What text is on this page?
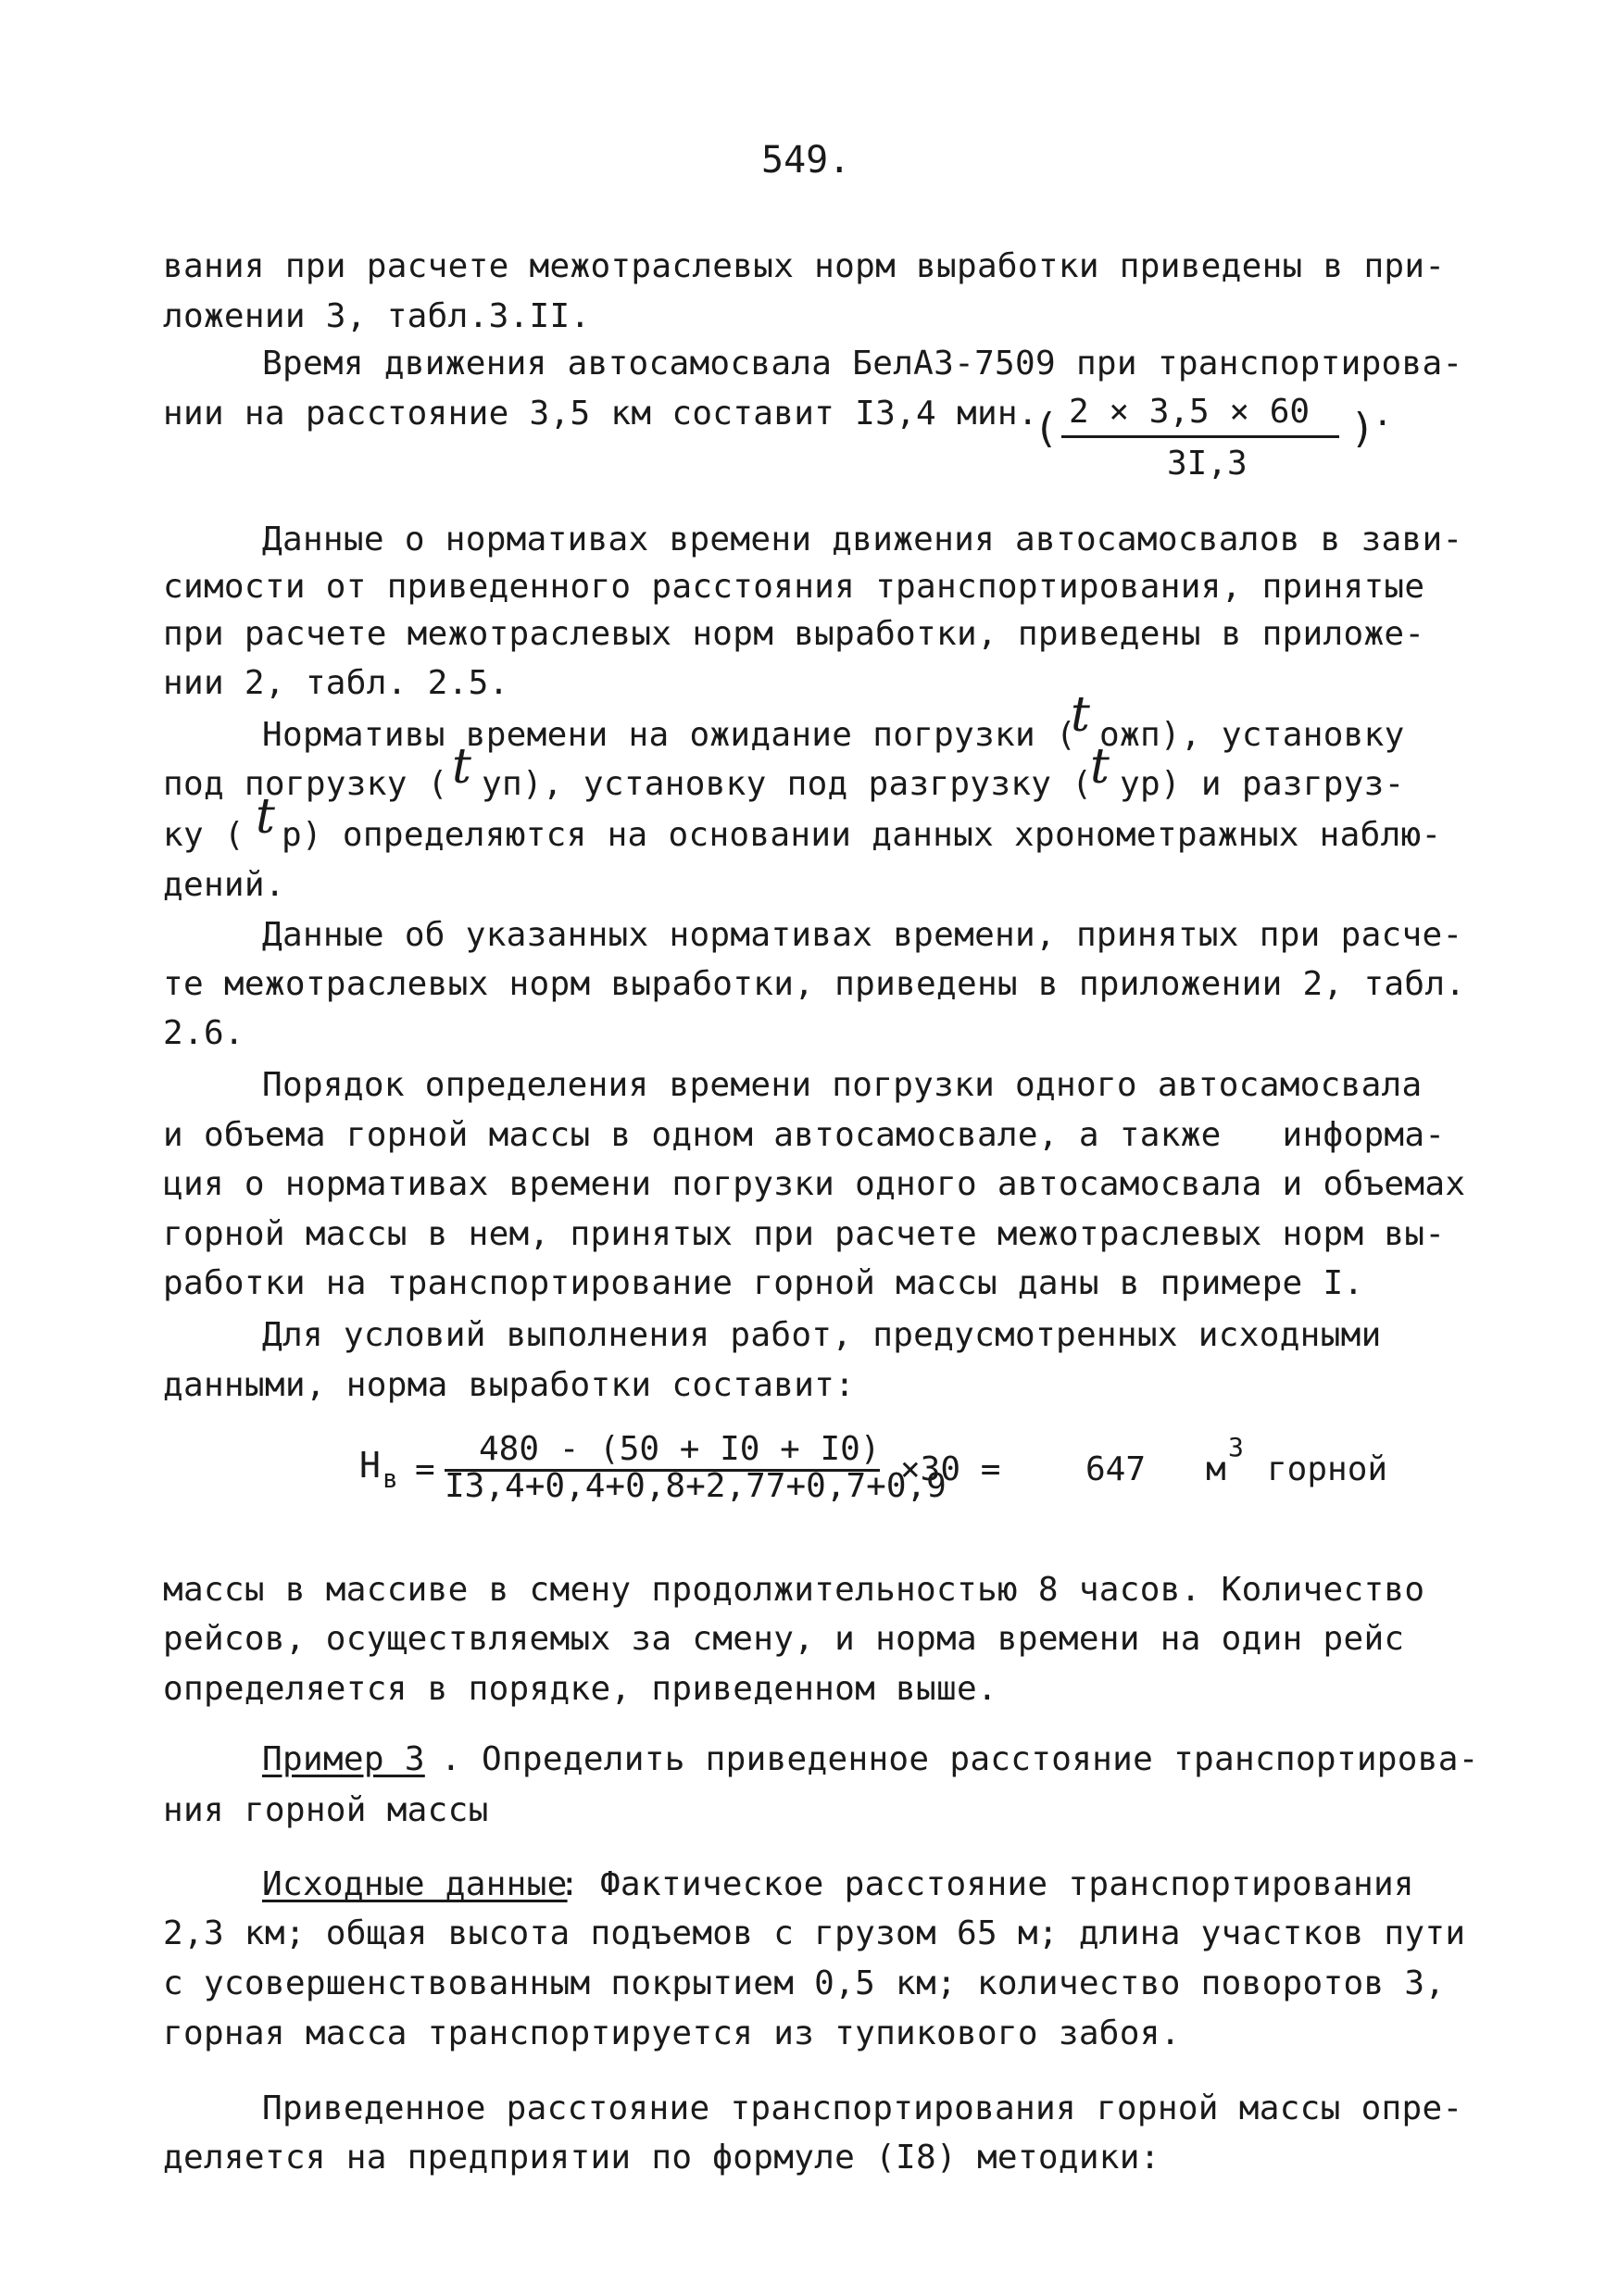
549.
вания при расчете межотраслевых норм выработки приведены в при-
ложении 3, табл.3.II.
Время движения автосамосвала БелАЗ-7509 при транспортирова-
нии на расстояние 3,5 км составит I3,4 мин.
( 2 × 3,5 × 60
3I,3
)
.
Данные о нормативах времени движения автосамосвалов в зави-
симости от приведенного расстояния транспортирования, принятые
при расчете межотраслевых норм выработки, приведены в приложе-
нии 2, табл. 2.5.
Нормативы времени на ожидание погрузки (
t ожп), установку
под погрузку ( t уп), установку под разгрузку (
t ур) и разгруз-
ку ( t р) определяются на основании данных хронометражных наблю-
дений.
Данные об указанных нормативах времени, принятых при расче-
те межотраслевых норм выработки, приведены в приложении 2, табл.
2.6.
Порядок определения времени погрузки одного автосамосвала
и объема горной массы в одном автосамосвале, а также   информа-
ция о нормативах времени погрузки одного автосамосвала и объемах
горной массы в нем, принятых при расчете межотраслевых норм вы-
работки на транспортирование горной массы даны в примере I.
Для условий выполнения работ, предусмотренных исходными
данными, норма выработки составит:
Н в =
480 - (50 + I0 + I0)
I3,4+0,4+0,8+2,77+0,7+0,9
×30 =	647 м
3
горной
массы в массиве в смену продолжительностью 8 часов. Количество
рейсов, осуществляемых за смену, и норма времени на один рейс
определяется в порядке, приведенном выше.
Пример 3 . Определить приведенное расстояние транспортирова-
ния горной массы
Исходные данные
: Фактическое расстояние транспортирования
2,3 км; общая высота подъемов с грузом 65 м; длина участков пути
с усовершенствованным покрытием 0,5 км; количество поворотов 3,
горная масса транспортируется из тупикового забоя.
Приведенное расстояние транспортирования горной массы опре-
деляется на предприятии по формуле (I8) методики:
